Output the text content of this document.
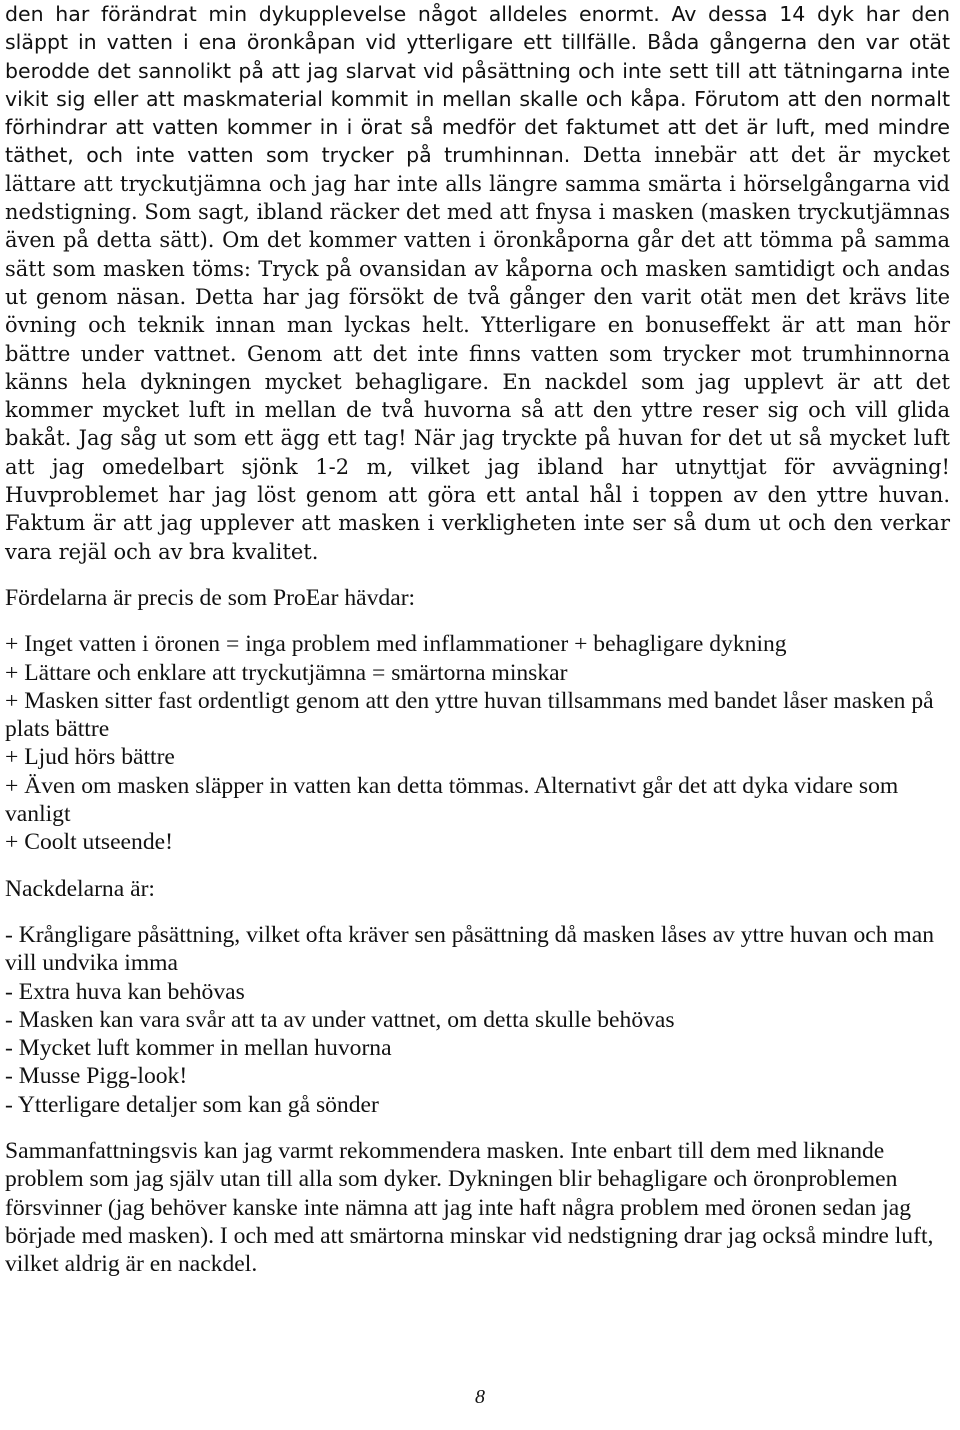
den har förändrat min dykupplevelse något alldeles enormt. Av dessa 14 dyk har den släppt in vatten i ena öronkåpan vid ytterligare ett tillfälle. Båda gångerna den var otät berodde det sannolikt på att jag slarvat vid påsättning och inte sett till att tätningarna inte vikit sig eller att maskmaterial kommit in mellan skalle och kåpa. Förutom att den normalt förhindrar att vatten kommer in i örat så medför det faktumet att det är luft, med mindre täthet, och inte vatten som trycker på trumhinnan. Detta innebär att det är mycket lättare att tryckutjämna och jag har inte alls längre samma smärta i hörselgångarna vid nedstigning. Som sagt, ibland räcker det med att fnysa i masken (masken tryckutjämnas även på detta sätt). Om det kommer vatten i öronkåporna går det att tömma på samma sätt som masken töms: Tryck på ovansidan av kåporna och masken samtidigt och andas ut genom näsan. Detta har jag försökt de två gånger den varit otät men det krävs lite övning och teknik innan man lyckas helt. Ytterligare en bonuseffekt är att man hör bättre under vattnet. Genom att det inte finns vatten som trycker mot trumhinnorna känns hela dykningen mycket behagligare. En nackdel som jag upplevt är att det kommer mycket luft in mellan de två huvorna så att den yttre reser sig och vill glida bakåt. Jag såg ut som ett ägg ett tag! När jag tryckte på huvan for det ut så mycket luft att jag omedelbart sjönk 1-2 m, vilket jag ibland har utnyttjat för avvägning! Huvproblemet har jag löst genom att göra ett antal hål i toppen av den yttre huvan. Faktum är att jag upplever att masken i verkligheten inte ser så dum ut och den verkar vara rejäl och av bra kvalitet.

Fördelarna är precis de som ProEar hävdar:

+ Inget vatten i öronen = inga problem med inflammationer + behagligare dykning
+ Lättare och enklare att tryckutjämna = smärtorna minskar
+ Masken sitter fast ordentligt genom att den yttre huvan tillsammans med bandet låser masken på plats bättre
+ Ljud hörs bättre
+ Även om masken släpper in vatten kan detta tömmas. Alternativt går det att dyka vidare som vanligt
+ Coolt utseende!

Nackdelarna är:

- Krångligare påsättning, vilket ofta kräver sen påsättning då masken låses av yttre huvan och man vill undvika imma
- Extra huva kan behövas
- Masken kan vara svår att ta av under vattnet, om detta skulle behövas
- Mycket luft kommer in mellan huvorna
- Musse Pigg-look!
- Ytterligare detaljer som kan gå sönder

Sammanfattningsvis kan jag varmt rekommendera masken. Inte enbart till dem med liknande problem som jag själv utan till alla som dyker. Dykningen blir behagligare och öronproblemen försvinner (jag behöver kanske inte nämna att jag inte haft några problem med öronen sedan jag började med masken). I och med att smärtorna minskar vid nedstigning drar jag också mindre luft, vilket aldrig är en nackdel.

8
